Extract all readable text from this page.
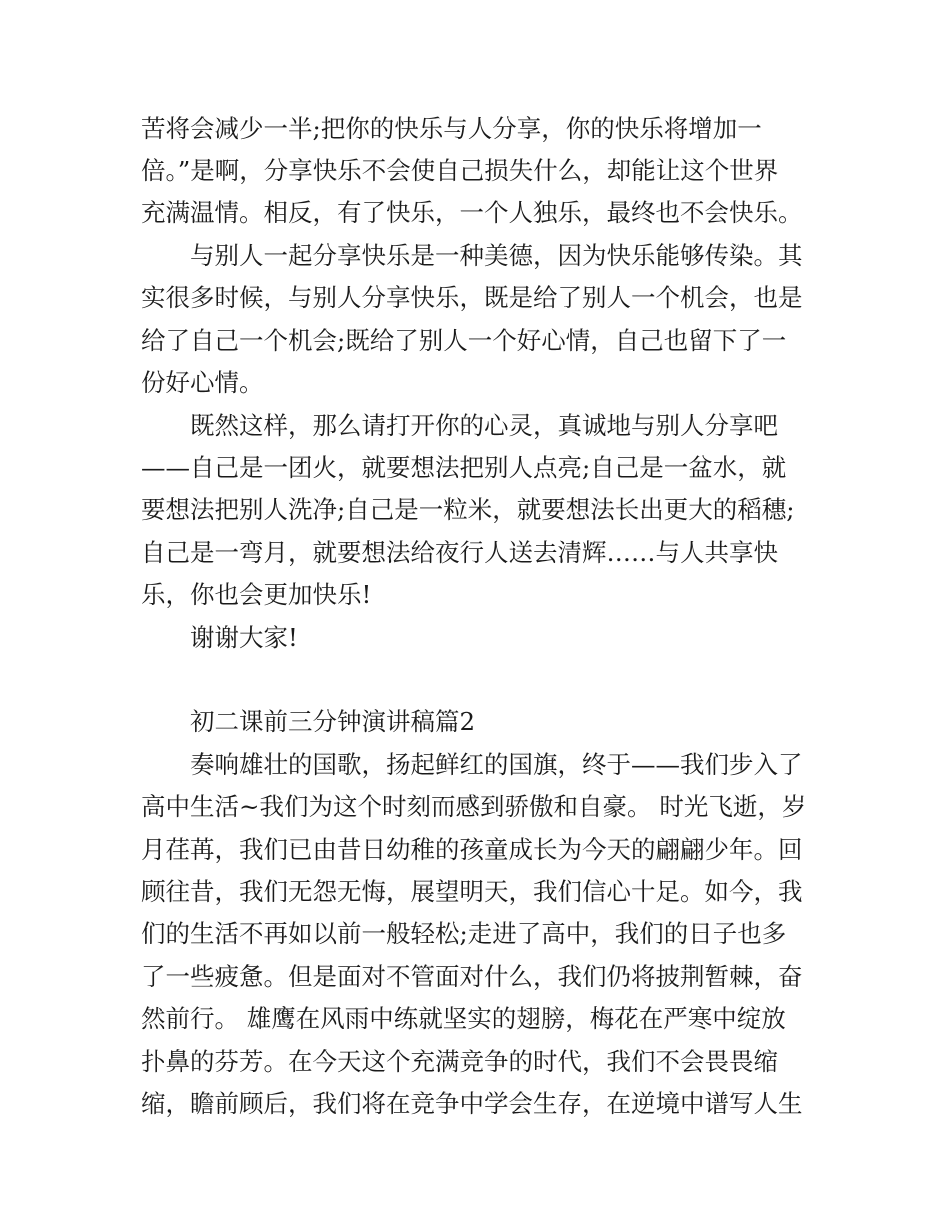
苦将会减少一半;把你的快乐与人分享，你的快乐将增加一
倍。”是啊，分享快乐不会使自己损失什么，却能让这个世界
充满温情。相反，有了快乐，一个人独乐，最终也不会快乐。
与别人一起分享快乐是一种美德，因为快乐能够传染。其
实很多时候，与别人分享快乐，既是给了别人一个机会，也是
给了自己一个机会;既给了别人一个好心情，自己也留下了一
份好心情。
既然这样，那么请打开你的心灵，真诚地与别人分享吧
——自己是一团火，就要想法把别人点亮;自己是一盆水，就
要想法把别人洗净;自己是一粒米，就要想法长出更大的稻穗;
自己是一弯月，就要想法给夜行人送去清辉……与人共享快
乐，你也会更加快乐!
谢谢大家!
初二课前三分钟演讲稿篇2
奏响雄壮的国歌，扬起鲜红的国旗，终于——我们步入了
高中生活~我们为这个时刻而感到骄傲和自豪。 时光飞逝，岁
月荏苒，我们已由昔日幼稚的孩童成长为今天的翩翩少年。回
顾往昔，我们无怨无悔，展望明天，我们信心十足。如今，我
们的生活不再如以前一般轻松;走进了高中，我们的日子也多
了一些疲惫。但是面对不管面对什么，我们仍将披荆暂棘，奋
然前行。 雄鹰在风雨中练就坚实的翅膀，梅花在严寒中绽放
扑鼻的芬芳。在今天这个充满竞争的时代，我们不会畏畏缩
缩，瞻前顾后，我们将在竞争中学会生存，在逆境中谱写人生
